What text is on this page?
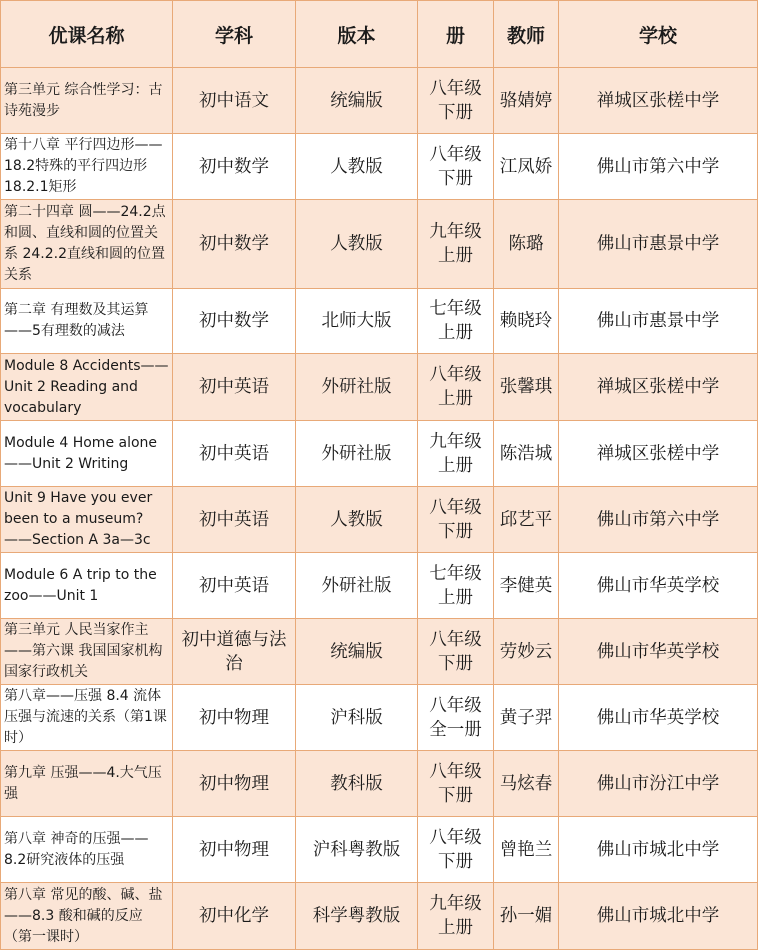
优课名称	学科	版本	册	教师	学校
第三单元 综合性学习：古诗苑漫步	初中语文	统编版	八年级下册	骆婧婷	禅城区张槎中学
第十八章 平行四边形——18.2特殊的平行四边形 18.2.1矩形	初中数学	人教版	八年级下册	江凤娇	佛山市第六中学
第二十四章 圆——24.2点和圆、直线和圆的位置关系 24.2.2直线和圆的位置关系	初中数学	人教版	九年级上册	陈璐	佛山市惠景中学
第二章 有理数及其运算——5有理数的减法	初中数学	北师大版	七年级上册	赖晓玲	佛山市惠景中学
Module 8 Accidents——Unit 2 Reading and vocabulary	初中英语	外研社版	八年级上册	张馨琪	禅城区张槎中学
Module 4 Home alone——Unit 2 Writing	初中英语	外研社版	九年级上册	陈浩城	禅城区张槎中学
Unit 9 Have you ever been to a museum?——Section A 3a—3c	初中英语	人教版	八年级下册	邱艺平	佛山市第六中学
Module 6 A trip to the zoo——Unit 1	初中英语	外研社版	七年级上册	李健英	佛山市华英学校
第三单元 人民当家作主——第六课 我国国家机构 国家行政机关	初中道德与法治	统编版	八年级下册	劳妙云	佛山市华英学校
第八章——压强 8.4 流体压强与流速的关系（第1课时）	初中物理	沪科版	八年级全一册	黄子羿	佛山市华英学校
第九章 压强——4.大气压强	初中物理	教科版	八年级下册	马炫春	佛山市汾江中学
第八章 神奇的压强——8.2研究液体的压强	初中物理	沪科粤教版	八年级下册	曾艳兰	佛山市城北中学
第八章 常见的酸、碱、盐——8.3 酸和碱的反应（第一课时）	初中化学	科学粤教版	九年级上册	孙一媚	佛山市城北中学
